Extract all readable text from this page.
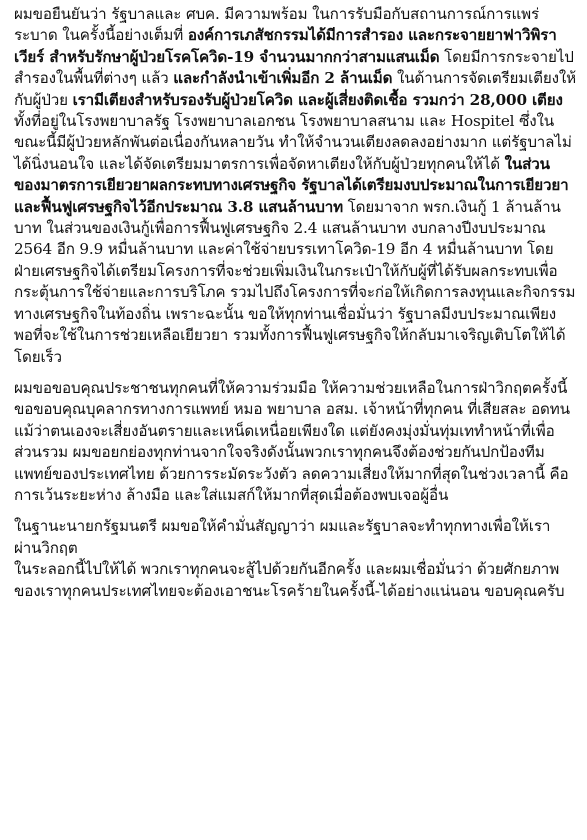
ผมขอยืนยันว่า รัฐบาลและ ศบค. มีความพร้อม ในการรับมือกับสถานการณ์การแพร่ระบาด ในครั้งนี้อย่างเต็มที่ องค์การเภสัชกรรมได้มีการสำรอง และกระจายยาฟาวิพิราเวียร์ สำหรับรักษาผู้ป่วยโรคโควิด-19 จำนวนมากกว่าสามแสนเม็ด โดยมีการกระจายไปสำรองในพื้นที่ต่างๆ แล้ว และกำลังนำเข้าเพิ่มอีก 2 ล้านเม็ด ในด้านการจัดเตรียมเตียงให้กับผู้ป่วย เรามีเตียงสำหรับรองรับผู้ป่วยโควิด และผู้เสี่ยงติดเชื้อ รวมกว่า 28,000 เตียง ทั้งที่อยู่ในโรงพยาบาลรัฐ โรงพยาบาลเอกชน โรงพยาบาลสนาม และ Hospitel ซึ่งในขณะนี้มีผู้ป่วยหลักพันต่อเนื่องกันหลายวัน ทำให้จำนวนเตียงลดลงอย่างมาก แต่รัฐบาลไม่ได้นิ่งนอนใจ และได้จัดเตรียมมาตรการเพื่อจัดหาเตียงให้กับผู้ป่วยทุกคนให้ได้ ในส่วนของมาตรการเยียวยาผลกระทบทางเศรษฐกิจ รัฐบาลได้เตรียมงบประมาณในการเยียวยาและฟื้นฟูเศรษฐกิจไว้อีกประมาณ 3.8 แสนล้านบาท โดยมาจาก พรก.เงินกู้ 1 ล้านล้านบาท ในส่วนของเงินกู้เพื่อการฟื้นฟูเศรษฐกิจ 2.4 แสนล้านบาท งบกลางปีงบประมาณ 2564 อีก 9.9 หมื่นล้านบาท และค่าใช้จ่ายบรรเทาโควิด-19 อีก 4 หมื่นล้านบาท โดยฝ่ายเศรษฐกิจได้เตรียมโครงการที่จะช่วยเพิ่มเงินในกระเป๋าให้กับผู้ที่ได้รับผลกระทบเพื่อกระตุ้นการใช้จ่ายและการบริโภค รวมไปถึงโครงการที่จะก่อให้เกิดการลงทุนและกิจกรรมทางเศรษฐกิจในท้องถิ่น เพราะฉะนั้น ขอให้ทุกท่านเชื่อมั่นว่า รัฐบาลมีงบประมาณเพียงพอที่จะใช้ในการช่วยเหลือเยียวยา รวมทั้งการฟื้นฟูเศรษฐกิจให้กลับมาเจริญเติบโตให้ได้โดยเร็ว

ผมขอขอบคุณประชาชนทุกคนที่ให้ความร่วมมือ ให้ความช่วยเหลือในการฝ่าวิกฤตครั้งนี้ ขอขอบคุณบุคลากรทางการแพทย์ หมอ พยาบาล อสม. เจ้าหน้าที่ทุกคน ที่เสียสละ อดทน แม้ว่าตนเองจะเสี่ยงอันตรายและเหน็ดเหนื่อยเพียงใด แต่ยังคงมุ่งมั่นทุ่มเททำหน้าที่เพื่อส่วนรวม ผมขอยกย่องทุกท่านจากใจจริงดังนั้นพวกเราทุกคนจึงต้องช่วยกันปกป้องทีมแพทย์ของประเทศไทย ด้วยการระมัดระวังตัว ลดความเสี่ยงให้มากที่สุดในช่วงเวลานี้ คือการเว้นระยะห่าง ล้างมือ และใส่แมสก์ให้มากที่สุดเมื่อต้องพบเจอผู้อื่น

ในฐานะนายกรัฐมนตรี ผมขอให้คำมั่นสัญญาว่า ผมและรัฐบาลจะทำทุกทางเพื่อให้เราผ่านวิกฤต

ในระลอกนี้ไปให้ได้ พวกเราทุกคนจะสู้ไปด้วยกันอีกครั้ง และผมเชื่อมั่นว่า ด้วยศักยภาพของเราทุกคนประเทศไทยจะต้องเอาชนะโรคร้ายในครั้งนี้-ได้อย่างแน่นอน ขอบคุณครับ
